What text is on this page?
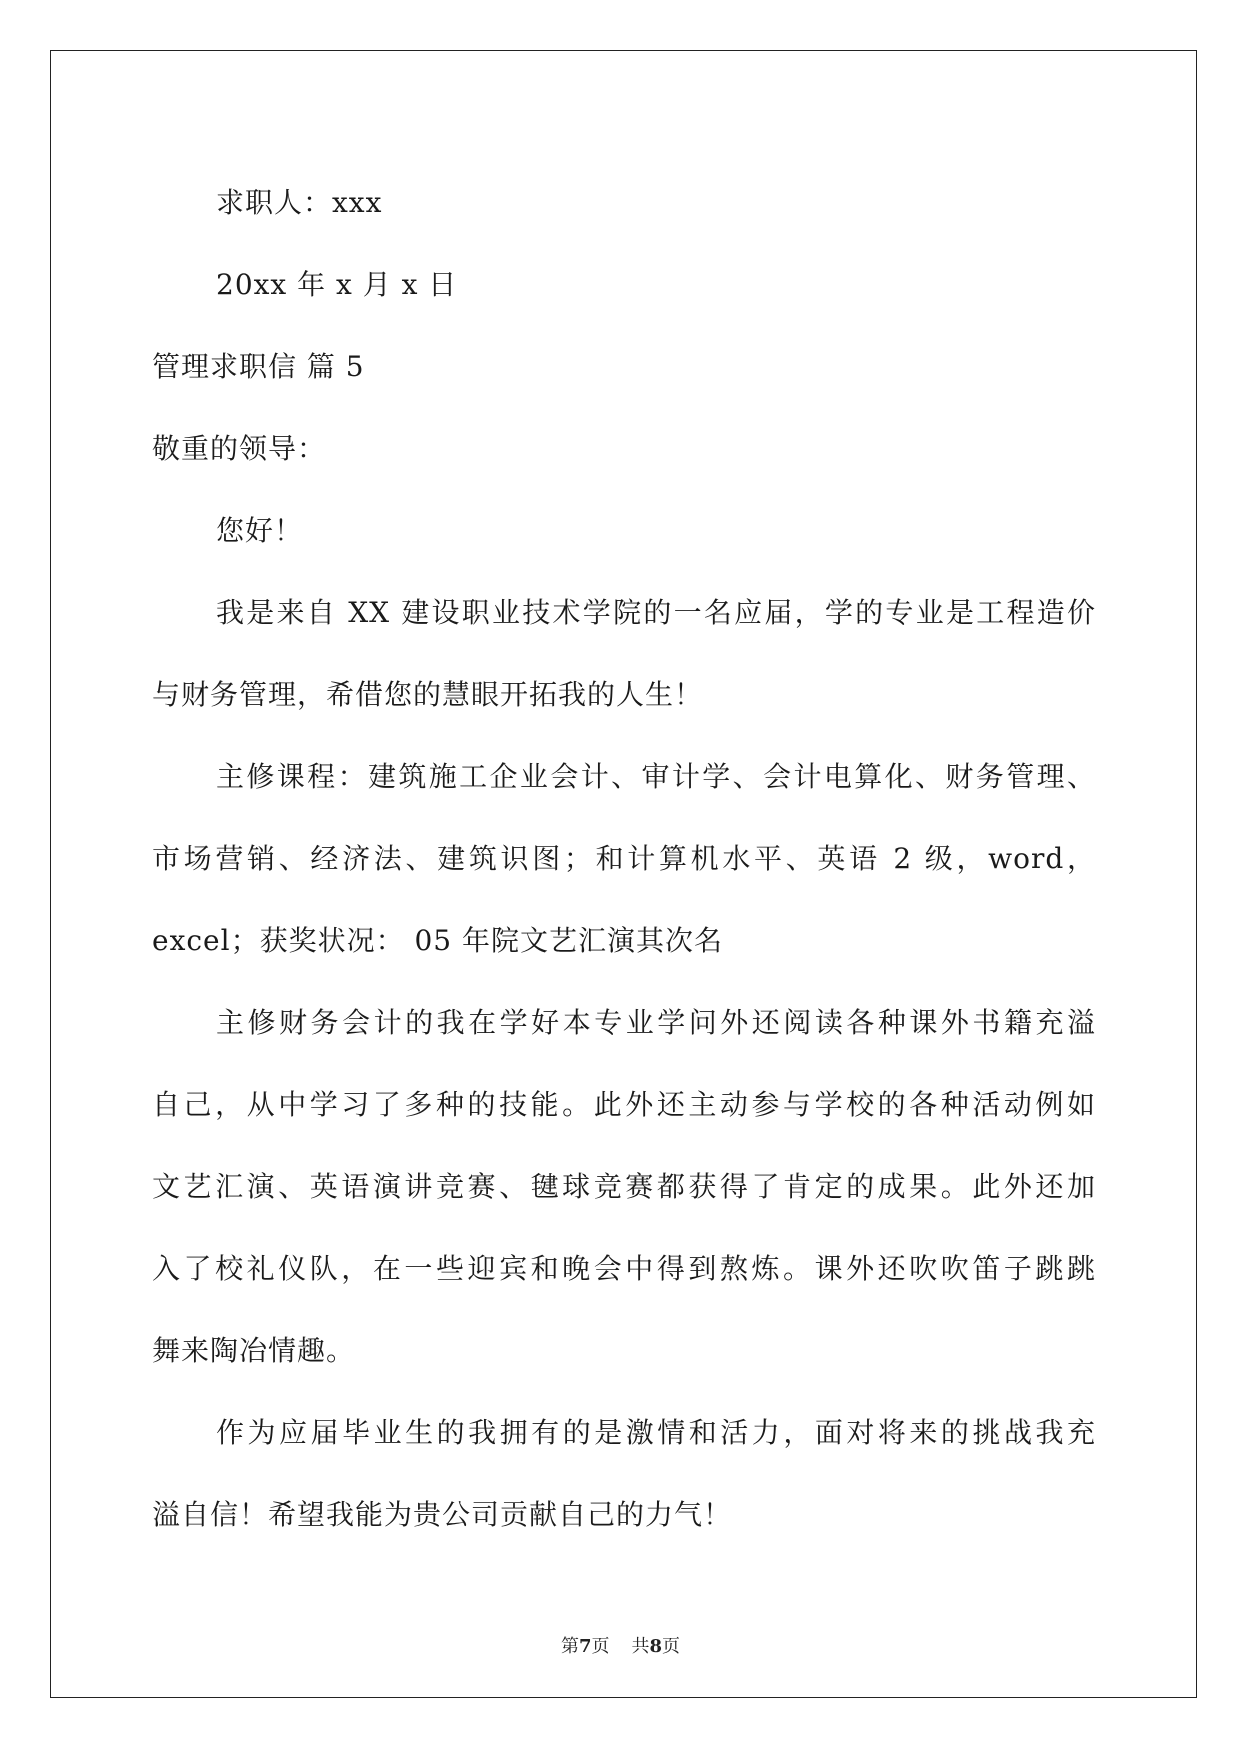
求职人：xxx
20xx 年 x 月 x 日
管理求职信 篇 5
敬重的领导：
您好！
我是来自 XX 建设职业技术学院的一名应届，学的专业是工程造价
与财务管理，希借您的慧眼开拓我的人生！
主修课程：建筑施工企业会计、审计学、会计电算化、财务管理、
市场营销、经济法、建筑识图；和计算机水平、英语 2 级，word，
excel；获奖状况： 05 年院文艺汇演其次名
主修财务会计的我在学好本专业学问外还阅读各种课外书籍充溢
自己，从中学习了多种的技能。此外还主动参与学校的各种活动例如
文艺汇演、英语演讲竞赛、毽球竞赛都获得了肯定的成果。此外还加
入了校礼仪队，在一些迎宾和晚会中得到熬炼。课外还吹吹笛子跳跳
舞来陶冶情趣。
作为应届毕业生的我拥有的是激情和活力，面对将来的挑战我充
溢自信！希望我能为贵公司贡献自己的力气！
第7页 共8页
